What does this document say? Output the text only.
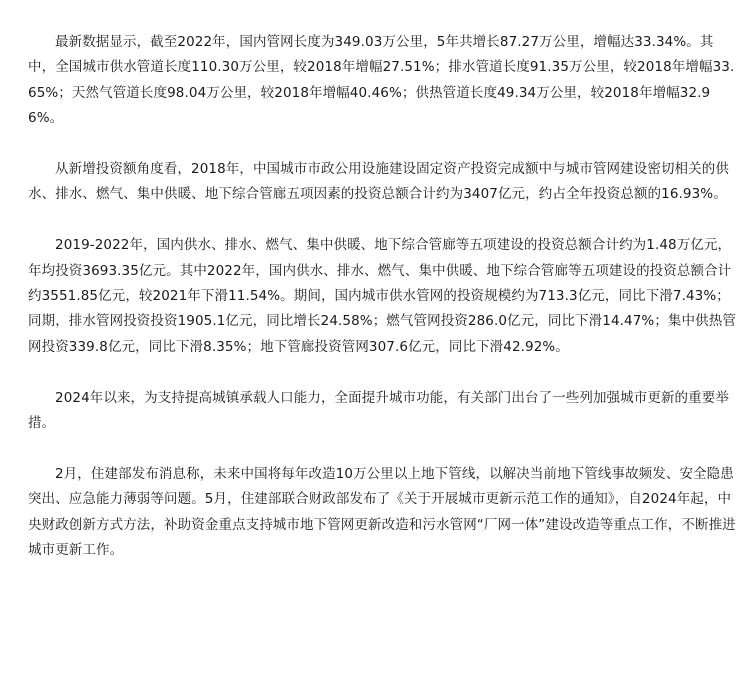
最新数据显示，截至2022年，国内管网长度为349.03万公里，5年共增长87.27万公里，增幅达33.34%。其中，全国城市供水管道长度110.30万公里，较2018年增幅27.51%；排水管道长度91.35万公里，较2018年增幅33.65%；天然气管道长度98.04万公里，较2018年增幅40.46%；供热管道长度49.34万公里，较2018年增幅32.96%。

从新增投资额角度看，2018年，中国城市市政公用设施建设固定资产投资完成额中与城市管网建设密切相关的供水、排水、燃气、集中供暖、地下综合管廊五项因素的投资总额合计约为3407亿元，约占全年投资总额的16.93%。

2019-2022年，国内供水、排水、燃气、集中供暖、地下综合管廊等五项建设的投资总额合计约为1.48万亿元，年均投资3693.35亿元。其中2022年，国内供水、排水、燃气、集中供暖、地下综合管廊等五项建设的投资总额合计约3551.85亿元，较2021年下滑11.54%。期间，国内城市供水管网的投资规模约为713.3亿元，同比下滑7.43%；同期，排水管网投资投资1905.1亿元，同比增长24.58%；燃气管网投资286.0亿元，同比下滑14.47%；集中供热管网投资339.8亿元，同比下滑8.35%；地下管廊投资管网307.6亿元，同比下滑42.92%。

2024年以来，为支持提高城镇承载人口能力，全面提升城市功能，有关部门出台了一些列加强城市更新的重要举措。

2月，住建部发布消息称，未来中国将每年改造10万公里以上地下管线，以解决当前地下管线事故频发、安全隐患突出、应急能力薄弱等问题。5月，住建部联合财政部发布了《关于开展城市更新示范工作的通知》，自2024年起，中央财政创新方式方法，补助资金重点支持城市地下管网更新改造和污水管网“厂网一体”建设改造等重点工作，不断推进城市更新工作。
